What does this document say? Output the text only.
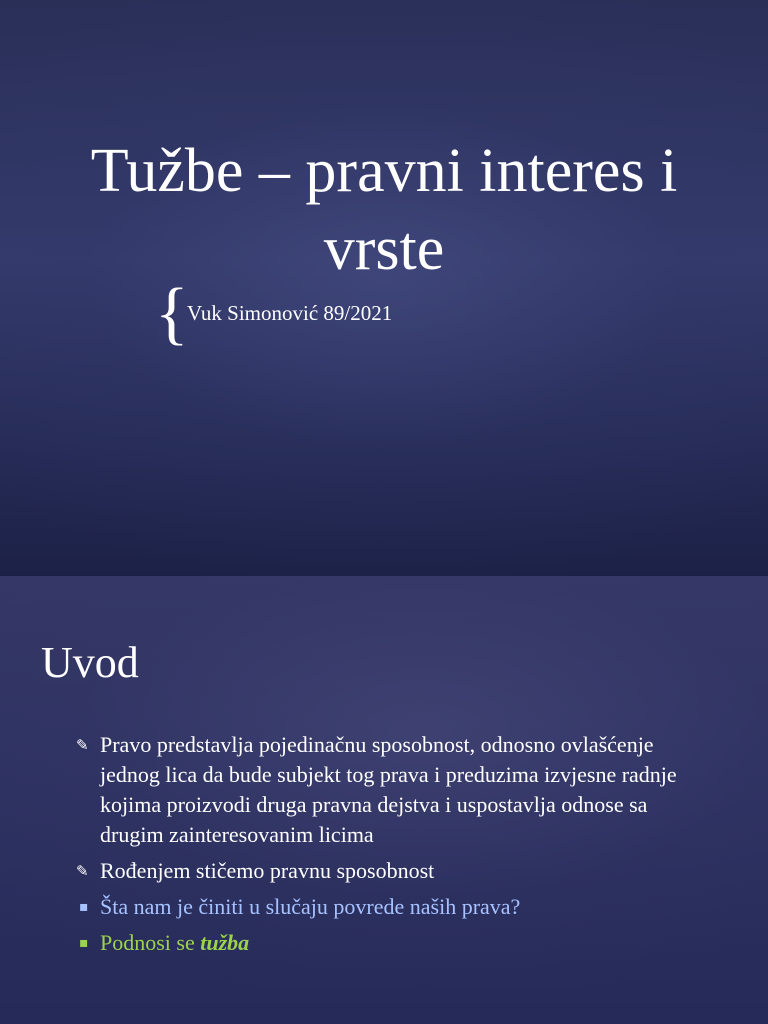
Tužbe – pravni interes i vrste
{
Vuk Simonović 89/2021
Uvod
✎ Pravo predstavlja pojedinačnu sposobnost, odnosno ovlašćenje jednog lica da bude subjekt tog prava i preduzima izvjesne radnje kojima proizvodi druga pravna dejstva i uspostavlja odnose sa drugim zainteresovanim licima
✎ Rođenjem stičemo pravnu sposobnost
▪ Šta nam je činiti u slučaju povrede naših prava?
▪ Podnosi se tužba
